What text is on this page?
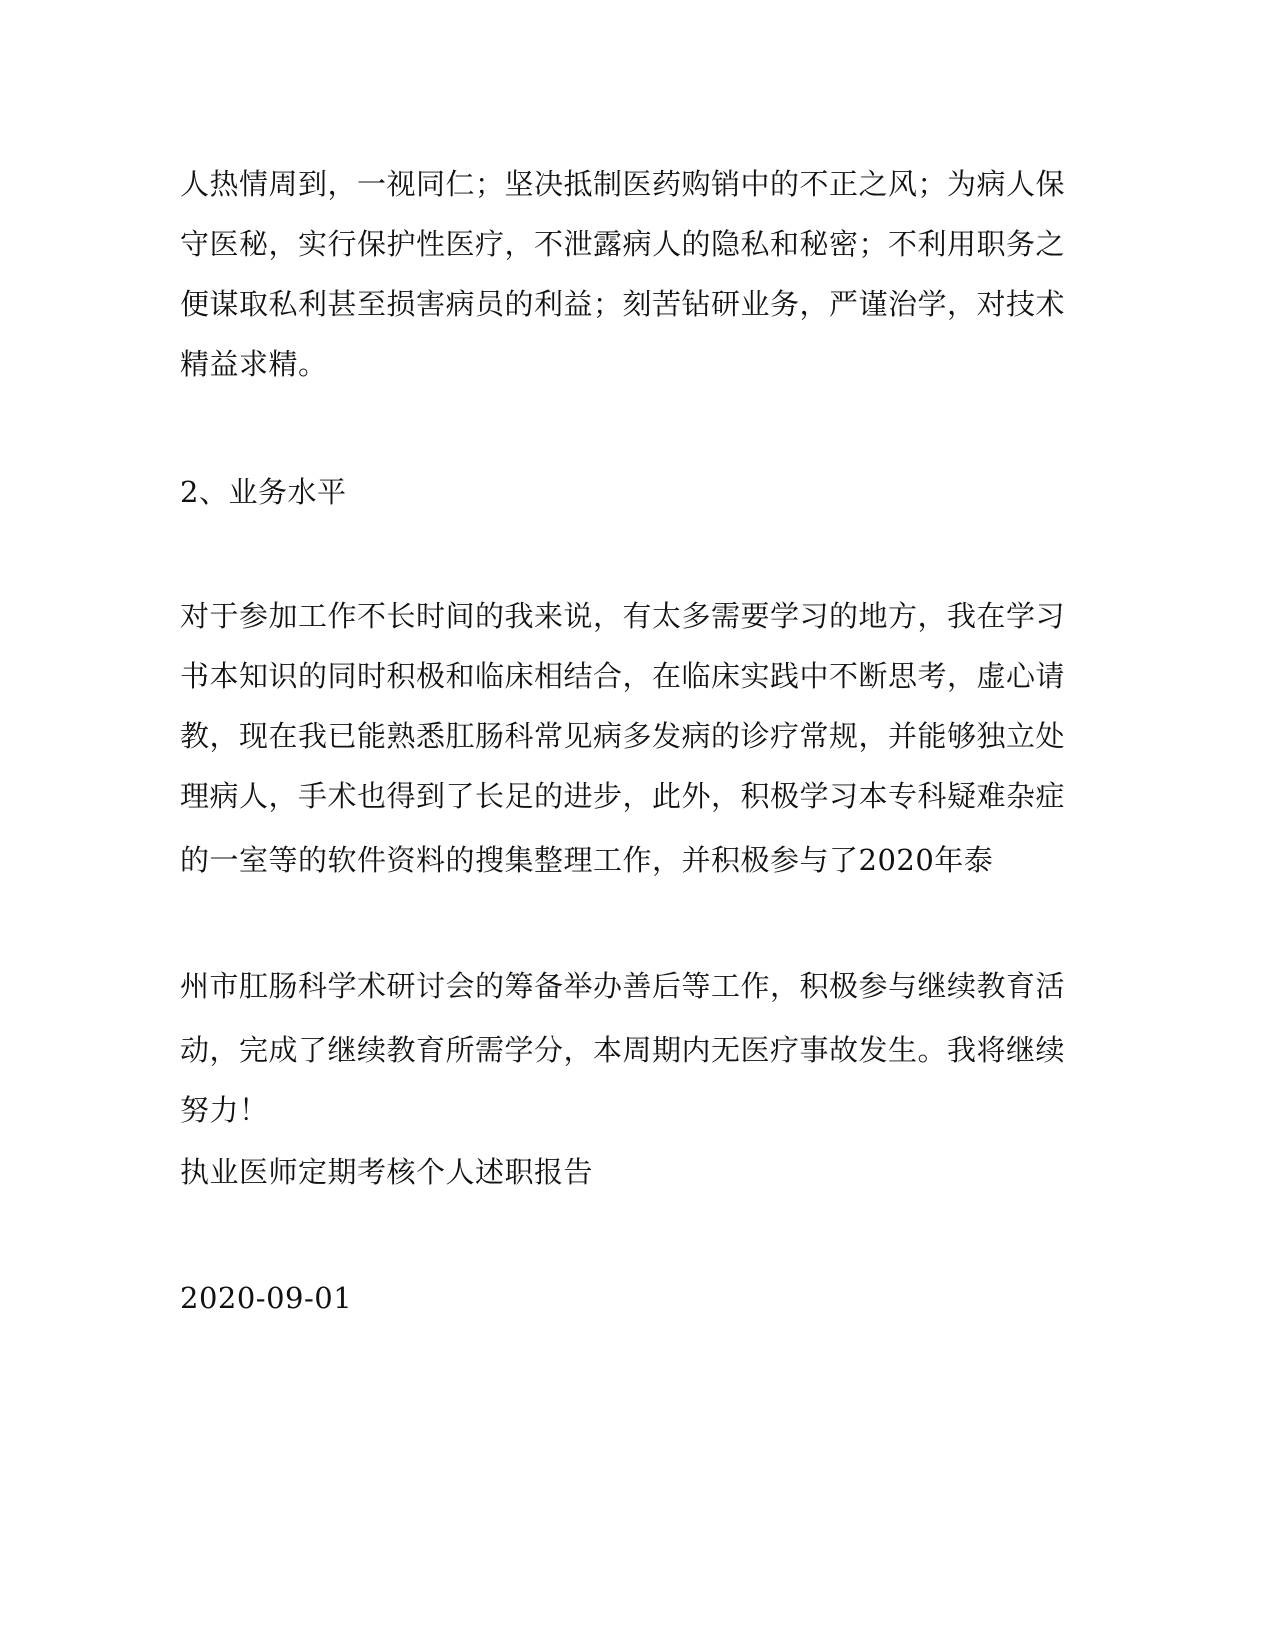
人热情周到，一视同仁；坚决抵制医药购销中的不正之风；为病人保
守医秘，实行保护性医疗，不泄露病人的隐私和秘密；不利用职务之
便谋取私利甚至损害病员的利益；刻苦钻研业务，严谨治学，对技术
精益求精。
2、业务水平
对于参加工作不长时间的我来说，有太多需要学习的地方，我在学习
书本知识的同时积极和临床相结合，在临床实践中不断思考，虚心请
教，现在我已能熟悉肛肠科常见病多发病的诊疗常规，并能够独立处
理病人，手术也得到了长足的进步，此外，积极学习本专科疑难杂症
的一室等的软件资料的搜集整理工作，并积极参与了2020年泰
州市肛肠科学术研讨会的筹备举办善后等工作，积极参与继续教育活
动，完成了继续教育所需学分，本周期内无医疗事故发生。我将继续
努力！
执业医师定期考核个人述职报告
2020-09-01
